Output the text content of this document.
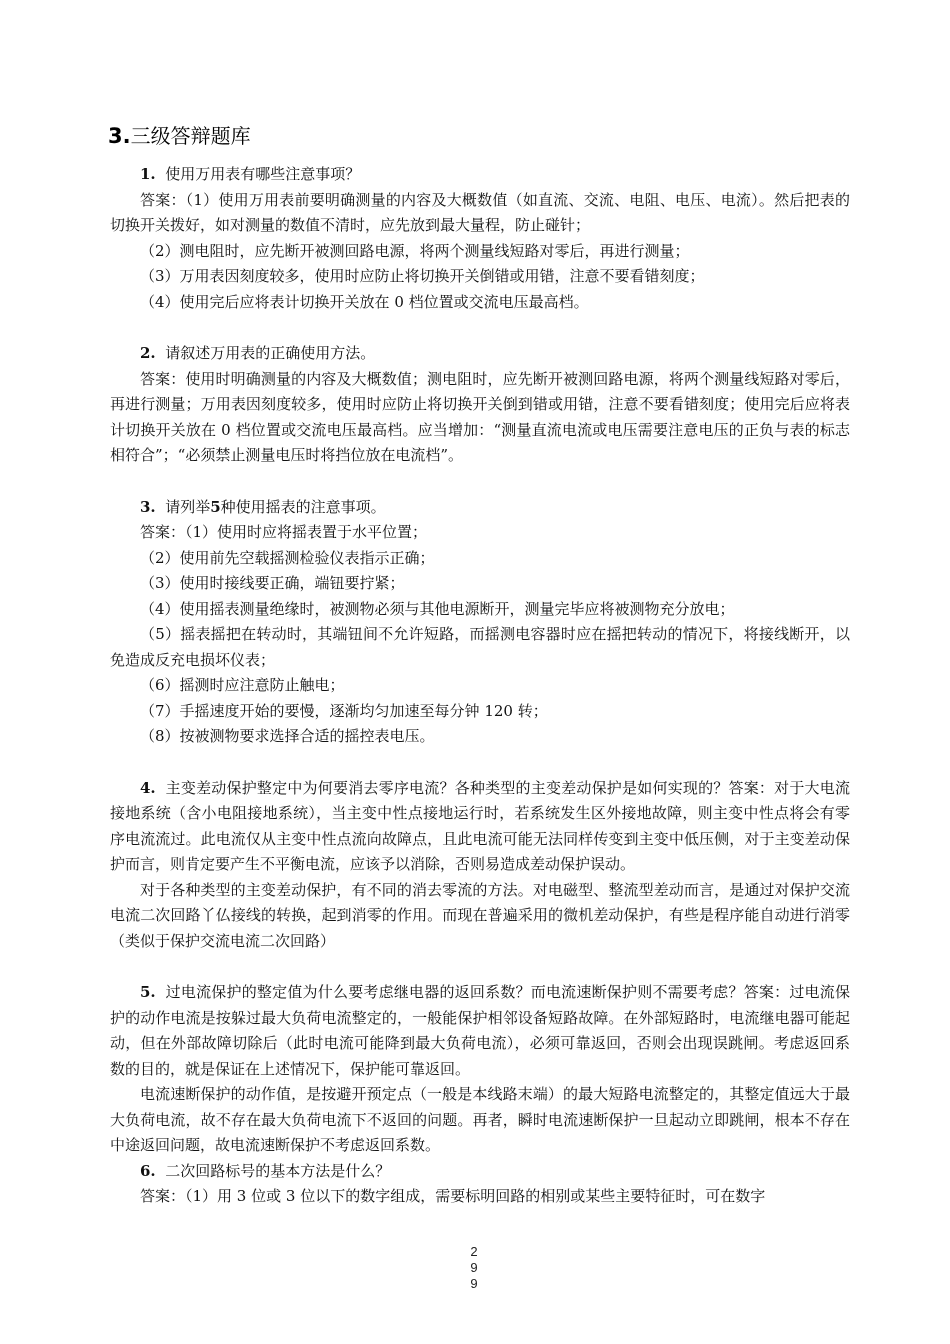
3.三级答辩题库

1. 使用万用表有哪些注意事项？

答案：（1）使用万用表前要明确测量的内容及大概数值（如直流、交流、电阻、电压、电流）。然后把表的切换开关拨好，如对测量的数值不清时，应先放到最大量程，防止碰针；

（2）测电阻时，应先断开被测回路电源，将两个测量线短路对零后，再进行测量；

（3）万用表因刻度较多，使用时应防止将切换开关倒错或用错，注意不要看错刻度；

（4）使用完后应将表计切换开关放在 0 档位置或交流电压最高档。

2. 请叙述万用表的正确使用方法。

答案：使用时明确测量的内容及大概数值；测电阻时，应先断开被测回路电源，将两个测量线短路对零后，再进行测量；万用表因刻度较多，使用时应防止将切换开关倒到错或用错，注意不要看错刻度；使用完后应将表计切换开关放在 0 档位置或交流电压最高档。应当增加：“测量直流电流或电压需要注意电压的正负与表的标志相符合”；“必须禁止测量电压时将挡位放在电流档”。

3. 请列举5种使用摇表的注意事项。

答案：（1）使用时应将摇表置于水平位置；

（2）使用前先空载摇测检验仪表指示正确；

（3）使用时接线要正确，端钮要拧紧；

（4）使用摇表测量绝缘时，被测物必须与其他电源断开，测量完毕应将被测物充分放电；

（5）摇表摇把在转动时，其端钮间不允许短路，而摇测电容器时应在摇把转动的情况下，将接线断开，以免造成反充电损坏仪表；

（6）摇测时应注意防止触电；

（7）手摇速度开始的要慢，逐渐均匀加速至每分钟 120 转；

（8）按被测物要求选择合适的摇控表电压。

4. 主变差动保护整定中为何要消去零序电流？各种类型的主变差动保护是如何实现的？答案：对于大电流接地系统（含小电阻接地系统），当主变中性点接地运行时，若系统发生区外接地故障，则主变中性点将会有零序电流流过。此电流仅从主变中性点流向故障点，且此电流可能无法同样传变到主变中低压侧，对于主变差动保护而言，则肯定要产生不平衡电流，应该予以消除，否则易造成差动保护误动。

对于各种类型的主变差动保护，有不同的消去零流的方法。对电磁型、整流型差动而言，是通过对保护交流电流二次回路丫仏接线的转换，起到消零的作用。而现在普遍采用的微机差动保护，有些是程序能自动进行消零（类似于保护交流电流二次回路）

5. 过电流保护的整定值为什么要考虑继电器的返回系数？而电流速断保护则不需要考虑？答案：过电流保护的动作电流是按躲过最大负荷电流整定的，一般能保护相邻设备短路故障。在外部短路时，电流继电器可能起动，但在外部故障切除后（此时电流可能降到最大负荷电流），必须可靠返回，否则会出现误跳闸。考虑返回系数的目的，就是保证在上述情况下，保护能可靠返回。

电流速断保护的动作值，是按避开预定点（一般是本线路末端）的最大短路电流整定的，其整定值远大于最大负荷电流，故不存在最大负荷电流下不返回的问题。再者，瞬时电流速断保护一旦起动立即跳闸，根本不存在中途返回问题，故电流速断保护不考虑返回系数。

6. 二次回路标号的基本方法是什么？

答案：（1）用 3 位或 3 位以下的数字组成，需要标明回路的相别或某些主要特征时，可在数字

2
9
9
